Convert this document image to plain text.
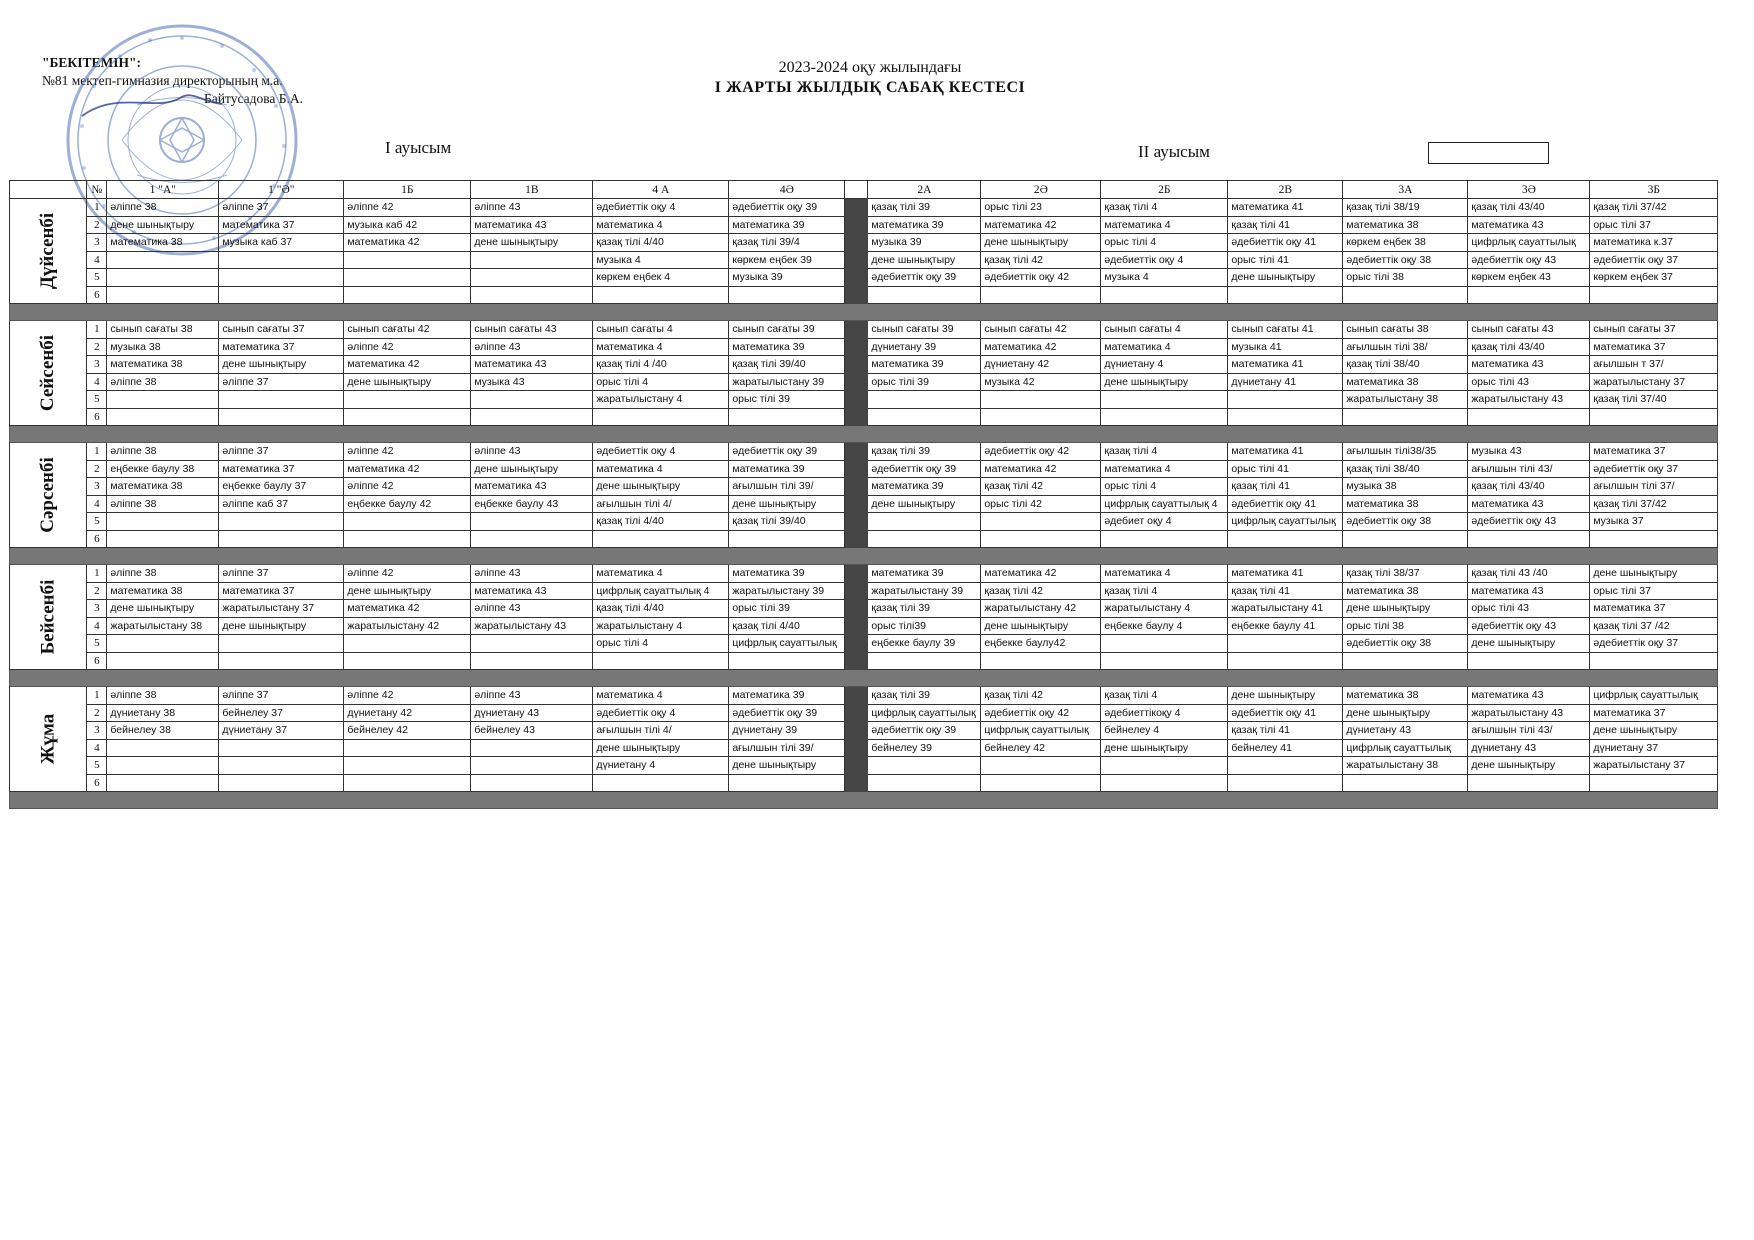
"БЕКІТЕМІН":
№81 мектеп-гимназия директорының м.а.
Байтусадова Б.А.
2023-2024 оқу жылындағы
І ЖАРТЫ ЖЫЛДЫҚ САБАҚ КЕСТЕСІ
І ауысым	ІІ ауысым
	№	1 "А"	1 "Ә"	1Б	1В	4 А	4Ә		2А	2Ә	2Б	2В	3А	3Ә	3Б
Дүйсенбі	1	әліппе 38	әліппе 37	әліппе 42	әліппе 43	әдебиеттік оқу 4	әдебиеттік оқу 39		қазақ тілі 39	орыс тілі 23	қазақ тілі 4	математика 41	қазақ тілі 38/19	қазақ тілі 43/40	қазақ тілі 37/42
	2	дене шынықтыру	математика 37	музыка каб 42	математика 43	математика 4	математика 39		математика 39	математика 42	математика 4	қазақ тілі 41	математика 38	математика 43	орыс тілі 37
	3	математика 38	музыка каб 37	математика 42	дене шынықтыру	қазақ тілі 4/40	қазақ тілі 39/4		музыка 39	дене шынықтыру	орыс тілі 4	әдебиеттік оқу 41	көркем еңбек 38	цифрлық сауаттылық	математика к.37
	4					музыка 4	көркем еңбек 39		дене шынықтыру	қазақ тілі 42	әдебиеттік оқу 4	орыс тілі 41	әдебиеттік оқу 38	әдебиеттік оқу 43	әдебиеттік оқу 37
	5					көркем еңбек 4	музыка 39		әдебиеттік оқу 39	әдебиеттік оқу 42	музыка 4	дене шынықтыру	орыс тілі 38	көркем еңбек 43	көркем еңбек 37
	6														

Сейсенбі	1	сынып сағаты 38	сынып сағаты 37	сынып сағаты 42	сынып сағаты 43	сынып сағаты 4	сынып сағаты 39		сынып сағаты 39	сынып сағаты 42	сынып сағаты 4	сынып сағаты 41	сынып сағаты 38	сынып сағаты 43	сынып сағаты 37
	2	музыка 38	математика 37	әліппе 42	әліппе 43	математика 4	математика 39		дүниетану 39	математика 42	математика 4	музыка 41	ағылшын тілі 38/	қазақ тілі 43/40	математика 37
	3	математика 38	дене шынықтыру	математика 42	математика 43	қазақ тілі 4 /40	қазақ тілі 39/40		математика 39	дүниетану 42	дүниетану 4	математика 41	қазақ тілі 38/40	математика 43	ағылшын т 37/
	4	әліппе 38	әліппе 37	дене шынықтыру	музыка 43	орыс тілі 4	жаратылыстану 39		орыс тілі 39	музыка 42	дене шынықтыру	дүниетану 41	математика 38	орыс тілі 43	жаратылыстану 37
	5					жаратылыстану 4	орыс тілі 39						жаратылыстану 38	жаратылыстану 43	қазақ тілі 37/40
	6														

Сәрсенбі	1	әліппе 38	әліппе 37	әліппе 42	әліппе 43	әдебиеттік оқу 4	әдебиеттік оқу 39		қазақ тілі 39	әдебиеттік оқу 42	қазақ тілі 4	математика 41	ағылшын тілі38/35	музыка 43	математика 37
	2	еңбекке баулу 38	математика 37	математика 42	дене шынықтыру	математика 4	математика 39		әдебиеттік оқу 39	математика 42	математика 4	орыс тілі 41	қазақ тілі 38/40	ағылшын тілі 43/	әдебиеттік оқу 37
	3	математика 38	еңбекке баулу 37	әліппе 42	математика 43	дене шынықтыру	ағылшын тілі 39/		математика 39	қазақ тілі 42	орыс тілі 4	қазақ тілі 41	музыка 38	қазақ тілі 43/40	ағылшын тілі 37/
	4	әліппе 38	әліппе каб 37	еңбекке баулу 42	еңбекке баулу 43	ағылшын тілі 4/	дене шынықтыру		дене шынықтыру	орыс тілі 42	цифрлық сауаттылық 4	әдебиеттік оқу 41	математика 38	математика 43	қазақ тілі 37/42
	5					қазақ тілі 4/40	қазақ тілі 39/40				әдебиет оқу 4	цифрлық сауаттылық	әдебиеттік оқу 38	әдебиеттік оқу 43	музыка 37
	6														

Бейсенбі	1	әліппе 38	әліппе 37	әліппе 42	әліппе 43	математика 4	математика 39		математика 39	математика 42	математика 4	математика 41	қазақ тілі 38/37	қазақ тілі 43 /40	дене шынықтыру
	2	математика 38	математика 37	дене шынықтыру	математика 43	цифрлық сауаттылық 4	жаратылыстану 39		жаратылыстану 39	қазақ тілі 42	қазақ тілі 4	қазақ тілі 41	математика 38	математика 43	орыс тілі 37
	3	дене шынықтыру	жаратылыстану 37	математика 42	әліппе 43	қазақ тілі 4/40	орыс тілі 39		қазақ тілі 39	жаратылыстану 42	жаратылыстану 4	жаратылыстану 41	дене шынықтыру	орыс тілі 43	математика 37
	4	жаратылыстану 38	дене шынықтыру	жаратылыстану 42	жаратылыстану 43	жаратылыстану 4	қазақ тілі 4/40		орыс тілі39	дене шынықтыру	еңбекке баулу 4	еңбекке баулу 41	орыс тілі 38	әдебиеттік оқу 43	қазақ тілі 37 /42
	5					орыс тілі 4	цифрлық сауаттылық		еңбекке баулу 39	еңбекке баулу42			әдебиеттік оқу 38	дене шынықтыру	әдебиеттік оқу 37
	6														

Жұма	1	әліппе 38	әліппе 37	әліппе 42	әліппе 43	математика 4	математика 39		қазақ тілі 39	қазақ тілі 42	қазақ тілі 4	дене шынықтыру	математика 38	математика 43	цифрлық сауаттылық
	2	дүниетану 38	бейнелеу 37	дүниетану 42	дүниетану 43	әдебиеттік оқу 4	әдебиеттік оқу 39		цифрлық сауаттылық	әдебиеттік оқу 42	әдебиеттікоқу 4	әдебиеттік оқу 41	дене шынықтыру	жаратылыстану 43	математика 37
	3	бейнелеу 38	дүниетану 37	бейнелеу 42	бейнелеу 43	ағылшын тілі 4/	дүниетану 39		әдебиеттік оқу 39	цифрлық сауаттылық	бейнелеу 4	қазақ тілі 41	дүниетану 43	ағылшын тілі 43/	дене шынықтыру
	4					дене шынықтыру	ағылшын тілі 39/		бейнелеу 39	бейнелеу 42	дене шынықтыру	бейнелеу 41	цифрлық сауаттылық	дүниетану 43	дүниетану 37
	5					дүниетану 4	дене шынықтыру						жаратылыстану 38	дене шынықтыру	жаратылыстану 37
	6														
